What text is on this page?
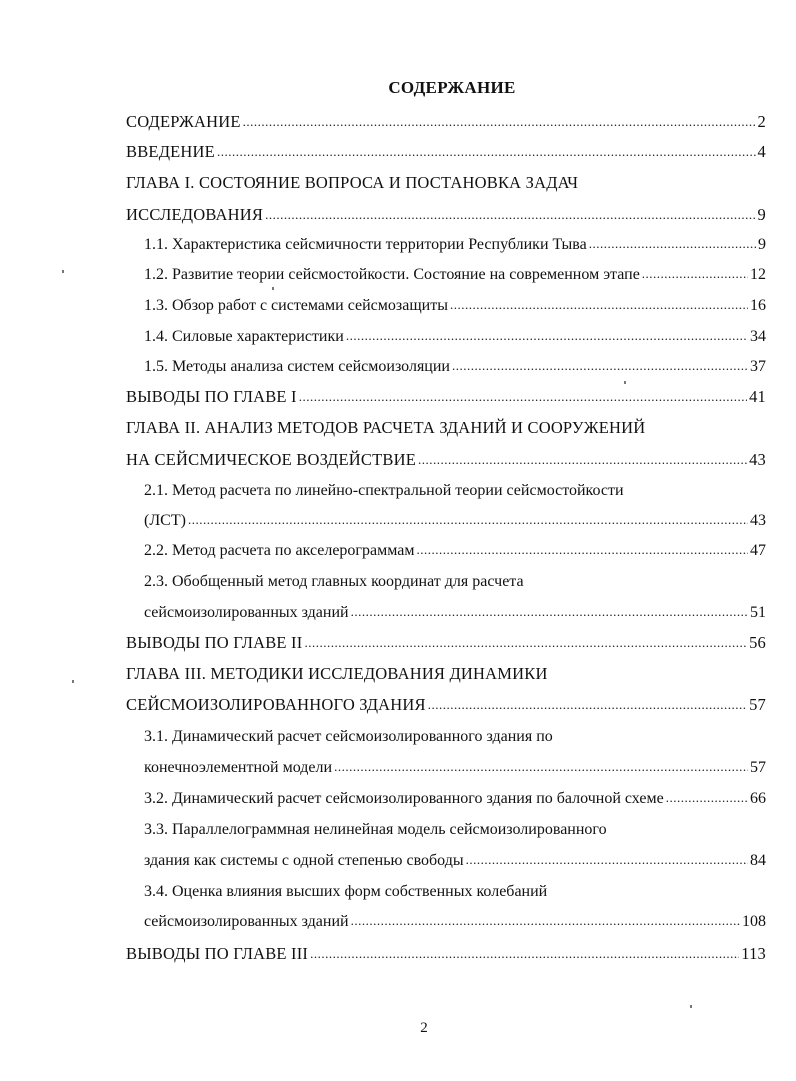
СОДЕРЖАНИЕ
СОДЕРЖАНИЕ .....	2
ВВЕДЕНИЕ .....	4
ГЛАВА I. СОСТОЯНИЕ ВОПРОСА И ПОСТАНОВКА ЗАДАЧ
ИССЛЕДОВАНИЯ .....	9
1.1. Характеристика сейсмичности территории Республики Тыва .....	9
1.2. Развитие теории сейсмостойкости. Состояние на современном этапе .....	12
1.3. Обзор работ с системами сейсмозащиты .....	16
1.4. Силовые характеристики .....	34
1.5. Методы анализа систем сейсмоизоляции .....	37
ВЫВОДЫ ПО ГЛАВЕ I .....	41
ГЛАВА II. АНАЛИЗ МЕТОДОВ РАСЧЕТА ЗДАНИЙ И СООРУЖЕНИЙ
НА СЕЙСМИЧЕСКОЕ ВОЗДЕЙСТВИЕ .....	43
2.1. Метод расчета по линейно-спектральной теории сейсмостойкости
(ЛСТ) .....	43
2.2. Метод расчета по акселерограммам .....	47
2.3. Обобщенный метод главных координат для расчета
сейсмоизолированных зданий .....	51
ВЫВОДЫ ПО ГЛАВЕ II .....	56
ГЛАВА III. МЕТОДИКИ ИССЛЕДОВАНИЯ ДИНАМИКИ
СЕЙСМОИЗОЛИРОВАННОГО ЗДАНИЯ .....	57
3.1. Динамический расчет сейсмоизолированного здания по
конечноэлементной модели .....	57
3.2. Динамический расчет сейсмоизолированного здания по балочной схеме .....	66
3.3. Параллелограммная нелинейная модель сейсмоизолированного
здания как системы с одной степенью свободы .....	84
3.4. Оценка влияния высших форм собственных колебаний
сейсмоизолированных зданий .....	108
ВЫВОДЫ ПО ГЛАВЕ III .....	113
2
